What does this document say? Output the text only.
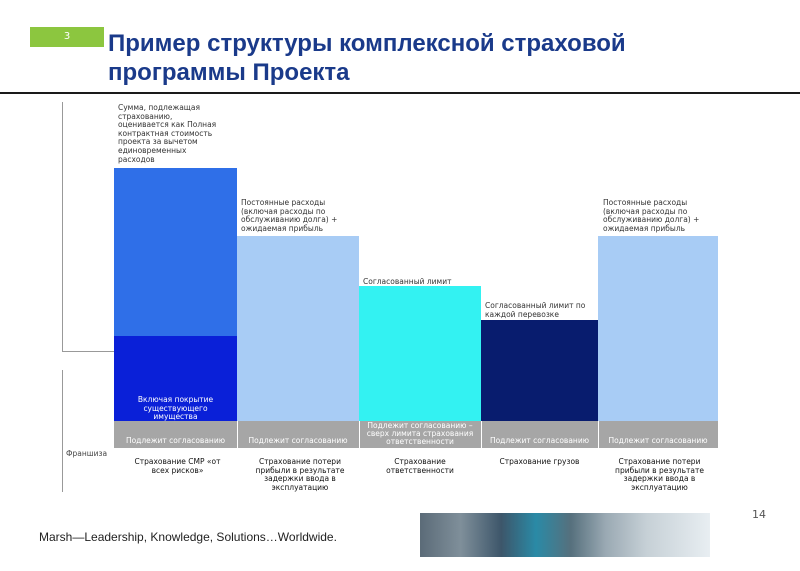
3	Пример структуры комплексной страховой
программы Проекта
Сумма, подлежащая
страхованию,
оценивается как Полная
контрактная стоимость
проекта за вычетом
единовременных
расходов
Включая покрытие
существующего
имущества
Постоянные расходы
(включая расходы по
обслуживанию долга) +
ожидаемая прибыль
Согласованный лимит
Согласованный лимит по
каждой перевозке
Постоянные расходы
(включая расходы по
обслуживанию долга) +
ожидаемая прибыль
Подлежит согласованию	Подлежит согласованию
Подлежит согласованию –
сверх лимита страхования
ответственности
подрядчиков
Подлежит согласованию	Подлежит согласованию
Франшиза
Страхование СМР «от
всех рисков»
Страхование потери
прибыли в результате
задержки ввода в
эксплуатацию
Страхование
ответственности
Страхование грузов	Страхование потери
прибыли в результате
задержки ввода в
эксплуатацию
Marsh—Leadership, Knowledge, Solutions…Worldwide.
14
